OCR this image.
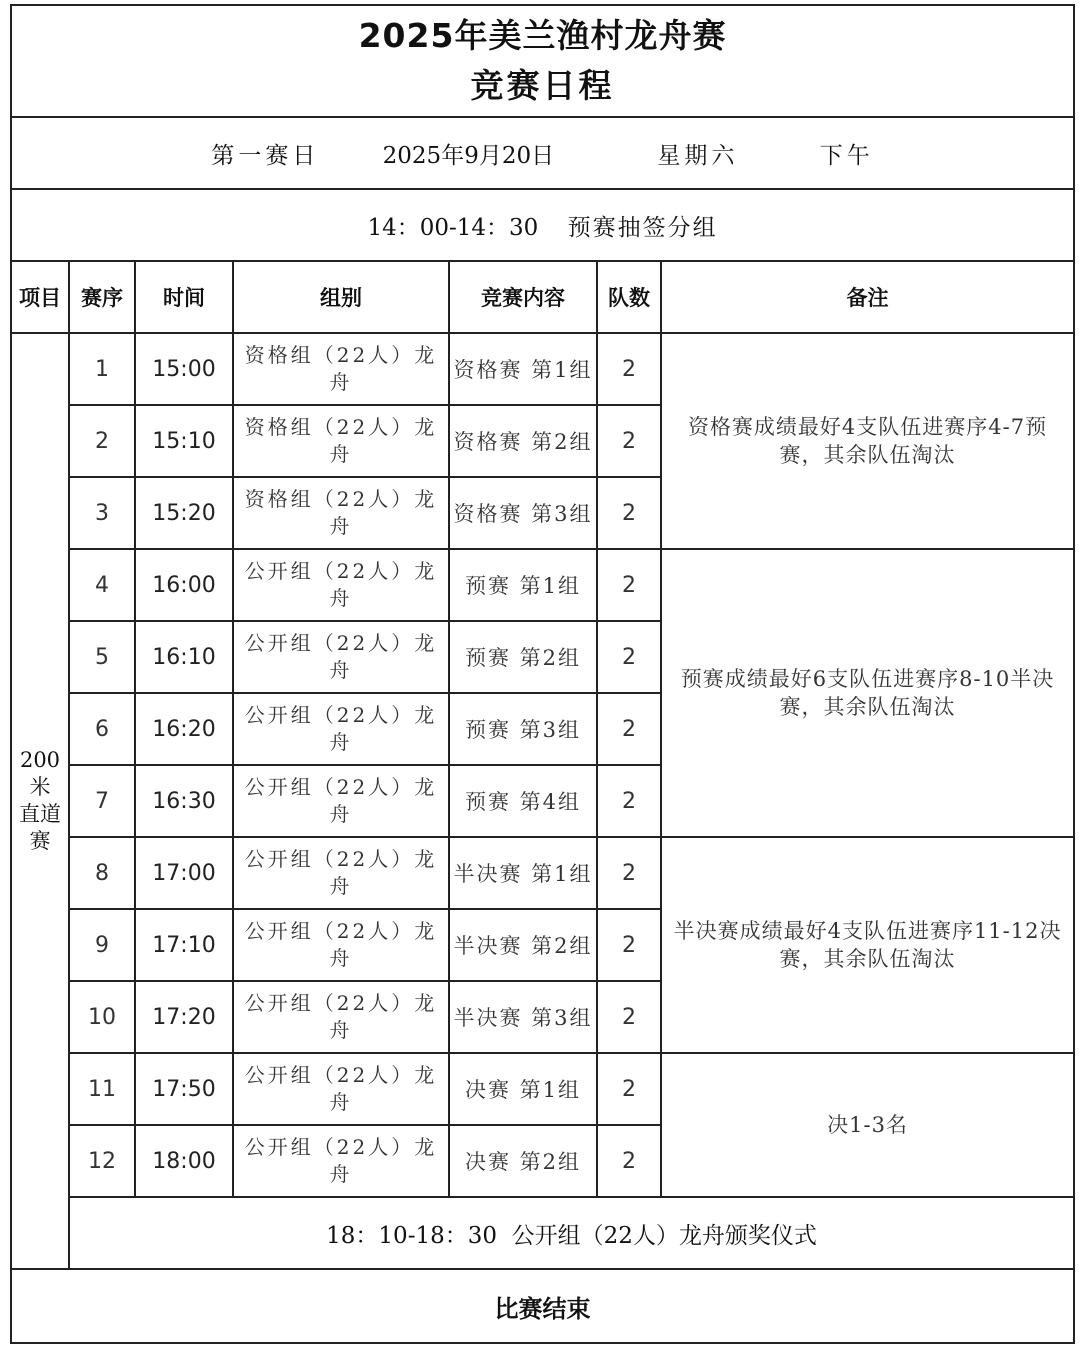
2025年美兰渔村龙舟赛
竞赛日程						

第一赛日 2025年9月20日 星期六 下午						
14：00-14：30 预赛抽签分组						
项目	赛序	时间	组别	竞赛内容	队数	备注

200
米
直道
赛	1	15:00	资格组（22人）龙舟	资格赛 第1组	2	资格赛成绩最好4支队伍进赛序4-7预赛，其余队伍淘汰
	2	15:10	资格组（22人）龙舟	资格赛 第2组	2	
	3	15:20	资格组（22人）龙舟	资格赛 第3组	2	
	4	16:00	公开组（22人）龙舟	预赛 第1组	2	预赛成绩最好6支队伍进赛序8-10半决赛，其余队伍淘汰
	5	16:10	公开组（22人）龙舟	预赛 第2组	2	
	6	16:20	公开组（22人）龙舟	预赛 第3组	2	
	7	16:30	公开组（22人）龙舟	预赛 第4组	2	
	8	17:00	公开组（22人）龙舟	半决赛 第1组	2	半决赛成绩最好4支队伍进赛序11-12决赛，其余队伍淘汰
	9	17:10	公开组（22人）龙舟	半决赛 第2组	2	
	10	17:20	公开组（22人）龙舟	半决赛 第3组	2	
	11	17:50	公开组（22人）龙舟	决赛 第1组	2	决1-3名
	12	18:00	公开组（22人）龙舟	决赛 第2组	2	
	18：10-18：30  公开组（22人）龙舟颁奖仪式					
比赛结束						
